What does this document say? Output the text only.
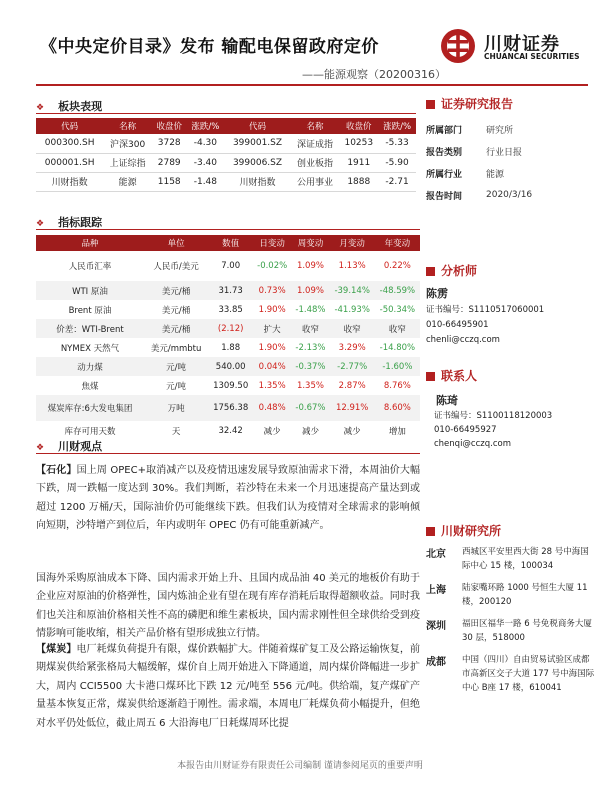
《中央定价目录》发布 输配电保留政府定价
——能源观察（20200316）
川财证券
CHUANCAI SECURITIES
❖ 板块表现
代码	名称	收盘价	涨跌/%	代码	名称	收盘价	涨跌/%
000300.SH	沪深300	3728	-4.30	399001.SZ	深证成指	10253	-5.33
000001.SH	上证综指	2789	-3.40	399006.SZ	创业板指	1911	-5.90
川财指数	能源	1158	-1.48	川财指数	公用事业	1888	-2.71
❖ 指标跟踪
品种	单位	数值	日变动	周变动	月变动	年变动
人民币汇率	人民币/美元	7.00	-0.02%	1.09%	1.13%	0.22%
WTI 原油	美元/桶	31.73	0.73%	1.09%	-39.14%	-48.59%
Brent 原油	美元/桶	33.85	1.90%	-1.48%	-41.93%	-50.34%
价差：WTI-Brent	美元/桶	(2.12)	扩大	收窄	收窄	收窄
NYMEX 天然气	美元/mmbtu	1.88	1.90%	-2.13%	3.29%	-14.80%
动力煤	元/吨	540.00	0.04%	-0.37%	-2.77%	-1.60%
焦煤	元/吨	1309.50	1.35%	1.35%	2.87%	8.76%
煤炭库存:6大发电集团	万吨	1756.38	0.48%	-0.67%	12.91%	8.60%
库存可用天数	天	32.42	减少	减少	减少	增加
❖ 川财观点
【石化】国上周 OPEC+取消减产以及疫情迅速发展导致原油需求下滑，本周油价大幅下跌，周一跌幅一度达到 30%。我们判断，若沙特在未来一个月迅速提高产量达到或超过 1200 万桶/天，国际油价仍可能继续下跌。但我们认为疫情对全球需求的影响倾向短期，沙特增产到位后，年内或明年 OPEC 仍有可能重新减产。
国海外采购原油成本下降、国内需求开始上升、且国内成品油 40 美元的地板价有助于企业应对原油的价格弹性，国内炼油企业有望在现有库存消耗后取得超额收益。同时我们也关注和原油价格相关性不高的磷肥和维生素板块，国内需求刚性但全球供给受到疫情影响可能收缩，相关产品价格有望形成独立行情。
【煤炭】电厂耗煤负荷提升有限，煤价跌幅扩大。伴随着煤矿复工及公路运输恢复，前期煤炭供给紧张格局大幅缓解，煤价自上周开始进入下降通道，周内煤价降幅进一步扩大，周内 CCI5500 大卡港口煤环比下跌 12 元/吨至 556 元/吨。供给端，复产煤矿产量基本恢复正常，煤炭供给逐渐趋于刚性。需求端，本周电厂耗煤负荷小幅提升，但绝对水平仍处低位，截止周五 6 大沿海电厂日耗煤周环比提
证券研究报告
所属部门	研究所
报告类别	行业日报
所属行业	能源
报告时间	2020/3/16
分析师
陈雳
证书编号：S1110517060001
010-66495901
chenli@cczq.com
联系人
陈琦
证书编号：S1100118120003
010-66495927
chenqi@cczq.com
川财研究所
北京	西城区平安里西大街 28 号中海国际中心 15 楼，100034
上海	陆家嘴环路 1000 号恒生大厦 11 楼，200120
深圳	福田区福华一路 6 号免税商务大厦 30 层，518000
成都	中国（四川）自由贸易试验区成都市高新区交子大道 177 号中海国际中心 B座 17 楼，610041
本报告由川财证券有限责任公司编制 谨请参阅尾页的重要声明
